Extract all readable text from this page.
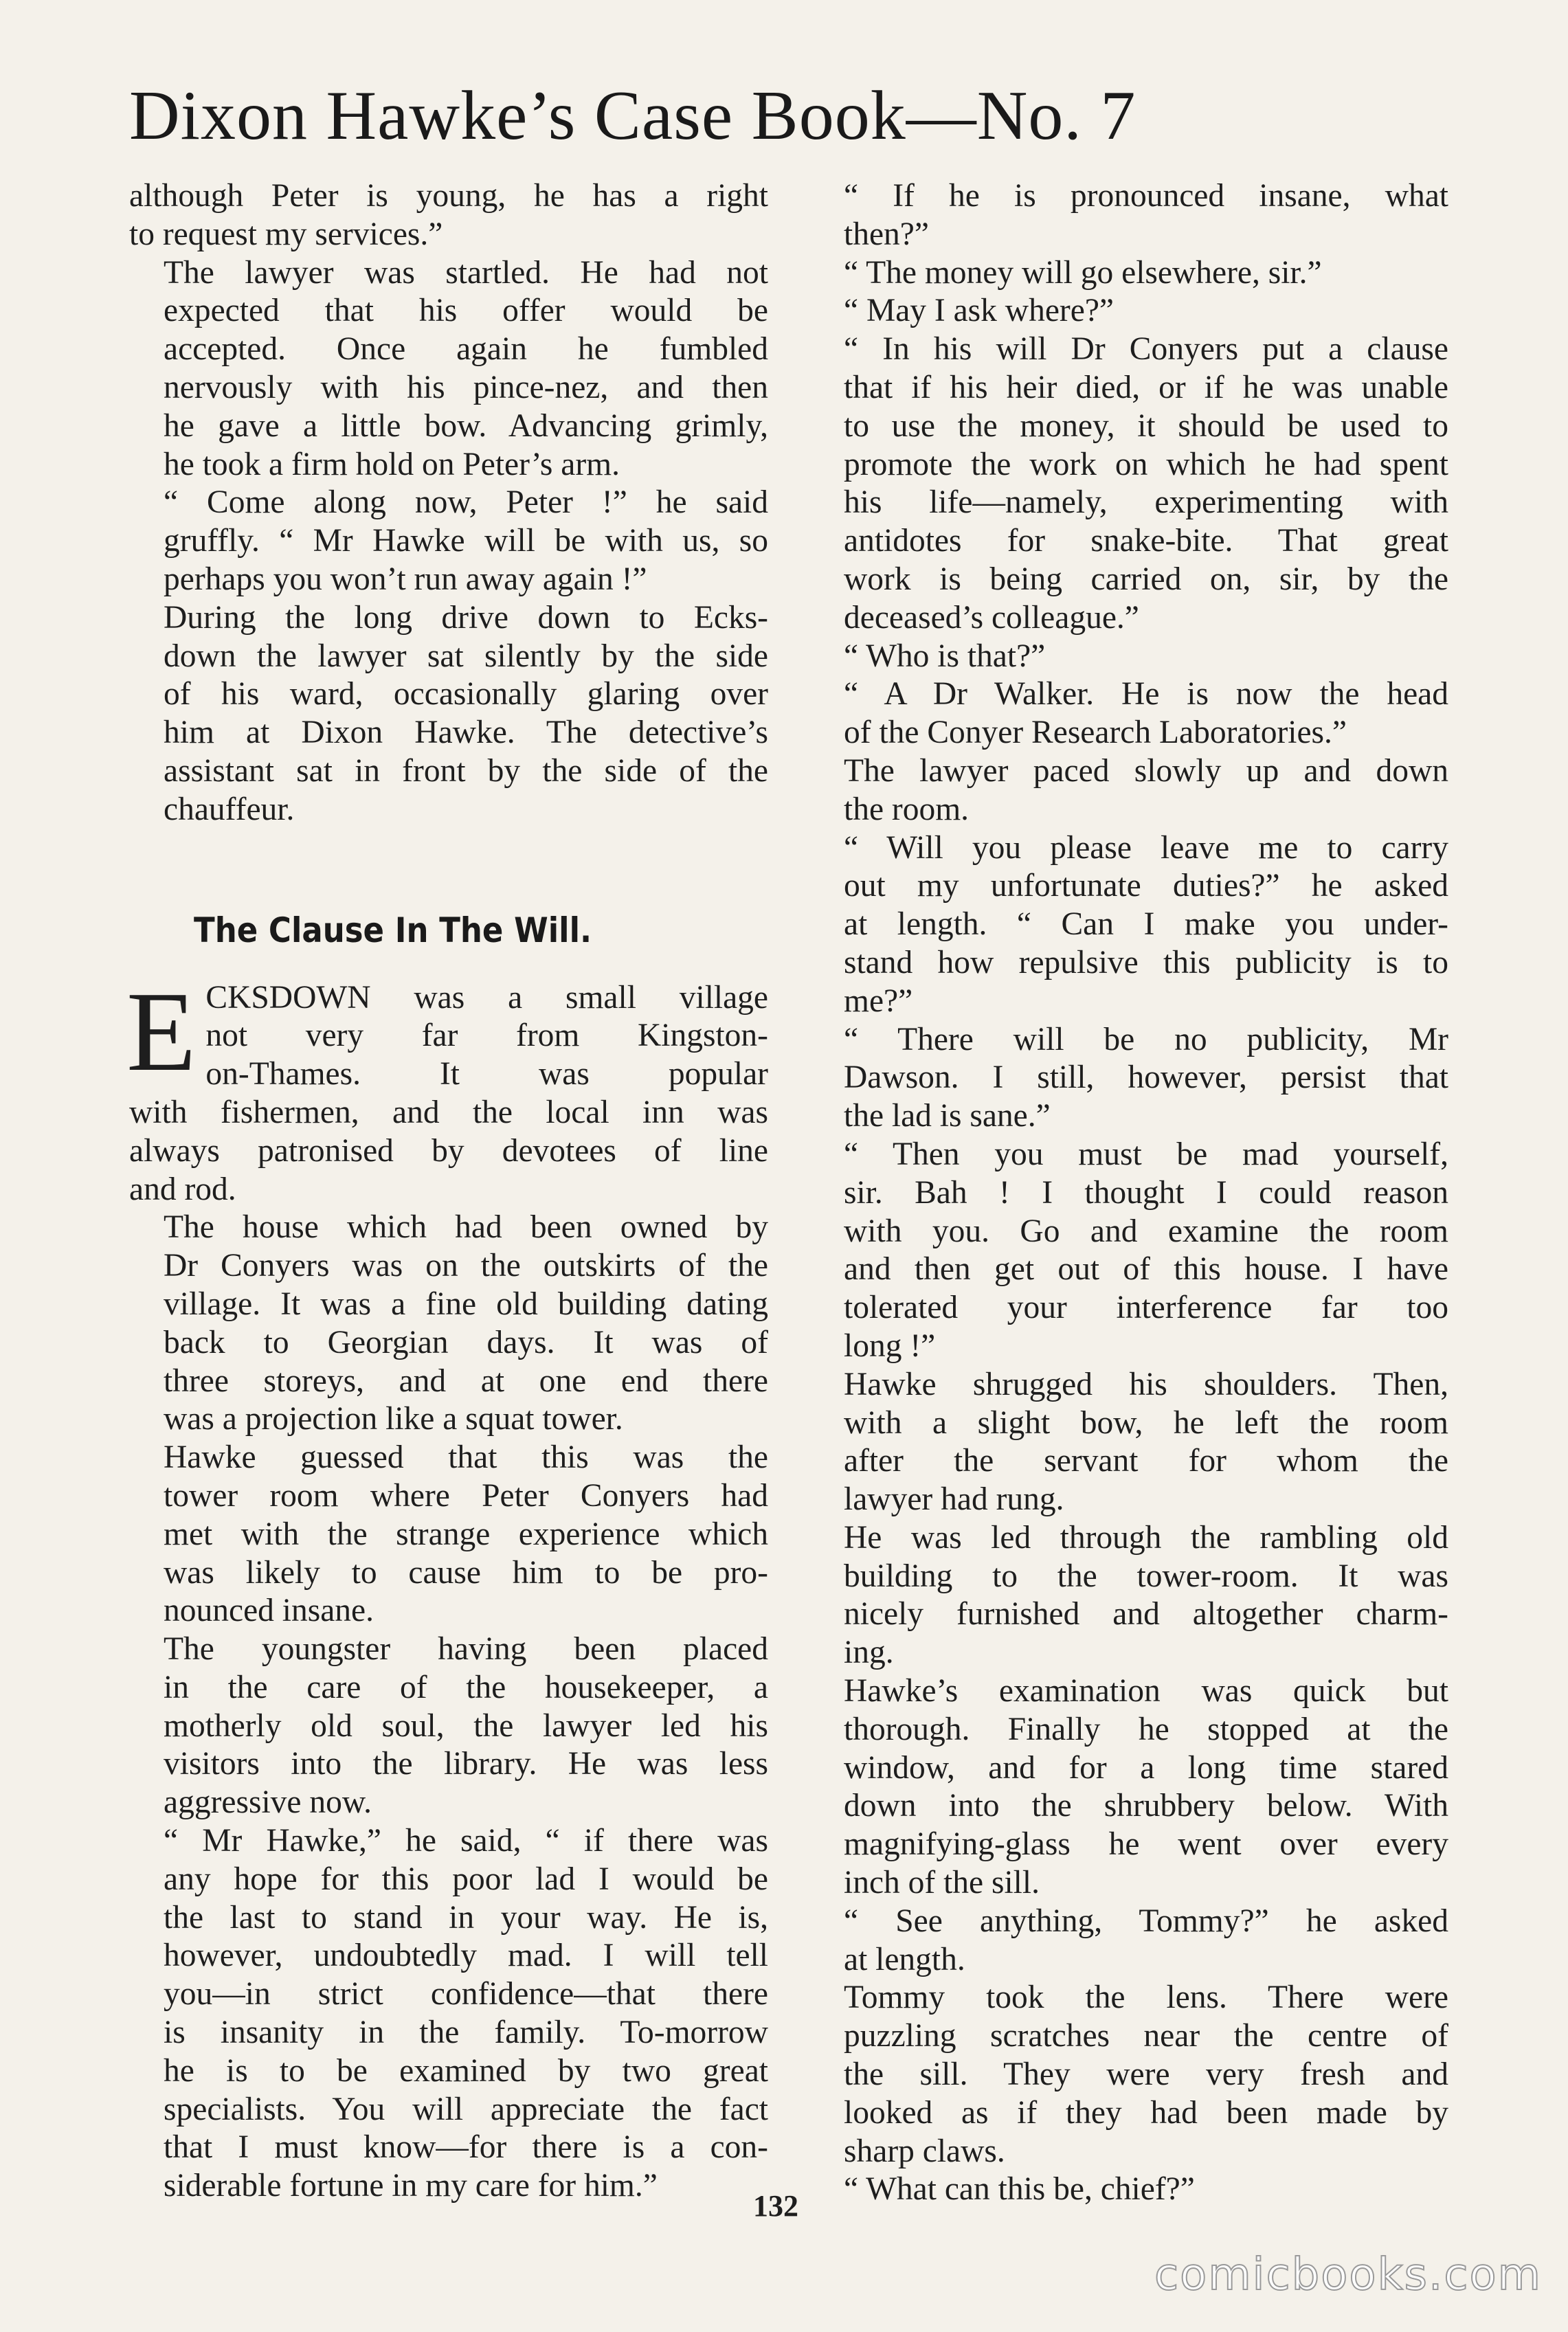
Dixon Hawke’s Case Book—No. 7

although Peter is young, he has a right
to request my services.”

The lawyer was startled. He had not
expected that his offer would be
accepted. Once again he fumbled
nervously with his pince-nez, and then
he gave a little bow. Advancing grimly,
he took a firm hold on Peter’s arm.

“ Come along now, Peter !” he said
gruffly. “ Mr Hawke will be with us, so
perhaps you won’t run away again !”

During the long drive down to Ecks-
down the lawyer sat silently by the side
of his ward, occasionally glaring over
him at Dixon Hawke. The detective’s
assistant sat in front by the side of the
chauffeur.

The Clause In The Will.

E CKSDOWN was a small village
not very far from Kingston-
on-Thames. It was popular
with fishermen, and the local inn was
always patronised by devotees of line
and rod.

The house which had been owned by
Dr Conyers was on the outskirts of the
village. It was a fine old building dating
back to Georgian days. It was of
three storeys, and at one end there
was a projection like a squat tower.

Hawke guessed that this was the
tower room where Peter Conyers had
met with the strange experience which
was likely to cause him to be pro-
nounced insane.

The youngster having been placed
in the care of the housekeeper, a
motherly old soul, the lawyer led his
visitors into the library. He was less
aggressive now.

“ Mr Hawke,” he said, “ if there was
any hope for this poor lad I would be
the last to stand in your way. He is,
however, undoubtedly mad. I will tell
you—in strict confidence—that there
is insanity in the family. To-morrow
he is to be examined by two great
specialists. You will appreciate the fact
that I must know—for there is a con-
siderable fortune in my care for him.”

“ If he is pronounced insane, what
then?”

“ The money will go elsewhere, sir.”

“ May I ask where?”

“ In his will Dr Conyers put a clause
that if his heir died, or if he was unable
to use the money, it should be used to
promote the work on which he had spent
his life—namely, experimenting with
antidotes for snake-bite. That great
work is being carried on, sir, by the
deceased’s colleague.”

“ Who is that?”

“ A Dr Walker. He is now the head
of the Conyer Research Laboratories.”

The lawyer paced slowly up and down
the room.

“ Will you please leave me to carry
out my unfortunate duties?” he asked
at length. “ Can I make you under-
stand how repulsive this publicity is to
me?”

“ There will be no publicity, Mr
Dawson. I still, however, persist that
the lad is sane.”

“ Then you must be mad yourself,
sir. Bah ! I thought I could reason
with you. Go and examine the room
and then get out of this house. I have
tolerated your interference far too
long !”

Hawke shrugged his shoulders. Then,
with a slight bow, he left the room
after the servant for whom the
lawyer had rung.

He was led through the rambling old
building to the tower-room. It was
nicely furnished and altogether charm-
ing.

Hawke’s examination was quick but
thorough. Finally he stopped at the
window, and for a long time stared
down into the shrubbery below. With
magnifying-glass he went over every
inch of the sill.

“ See anything, Tommy?” he asked
at length.

Tommy took the lens. There were
puzzling scratches near the centre of
the sill. They were very fresh and
looked as if they had been made by
sharp claws.

“ What can this be, chief?”

132
comicbooks.com
